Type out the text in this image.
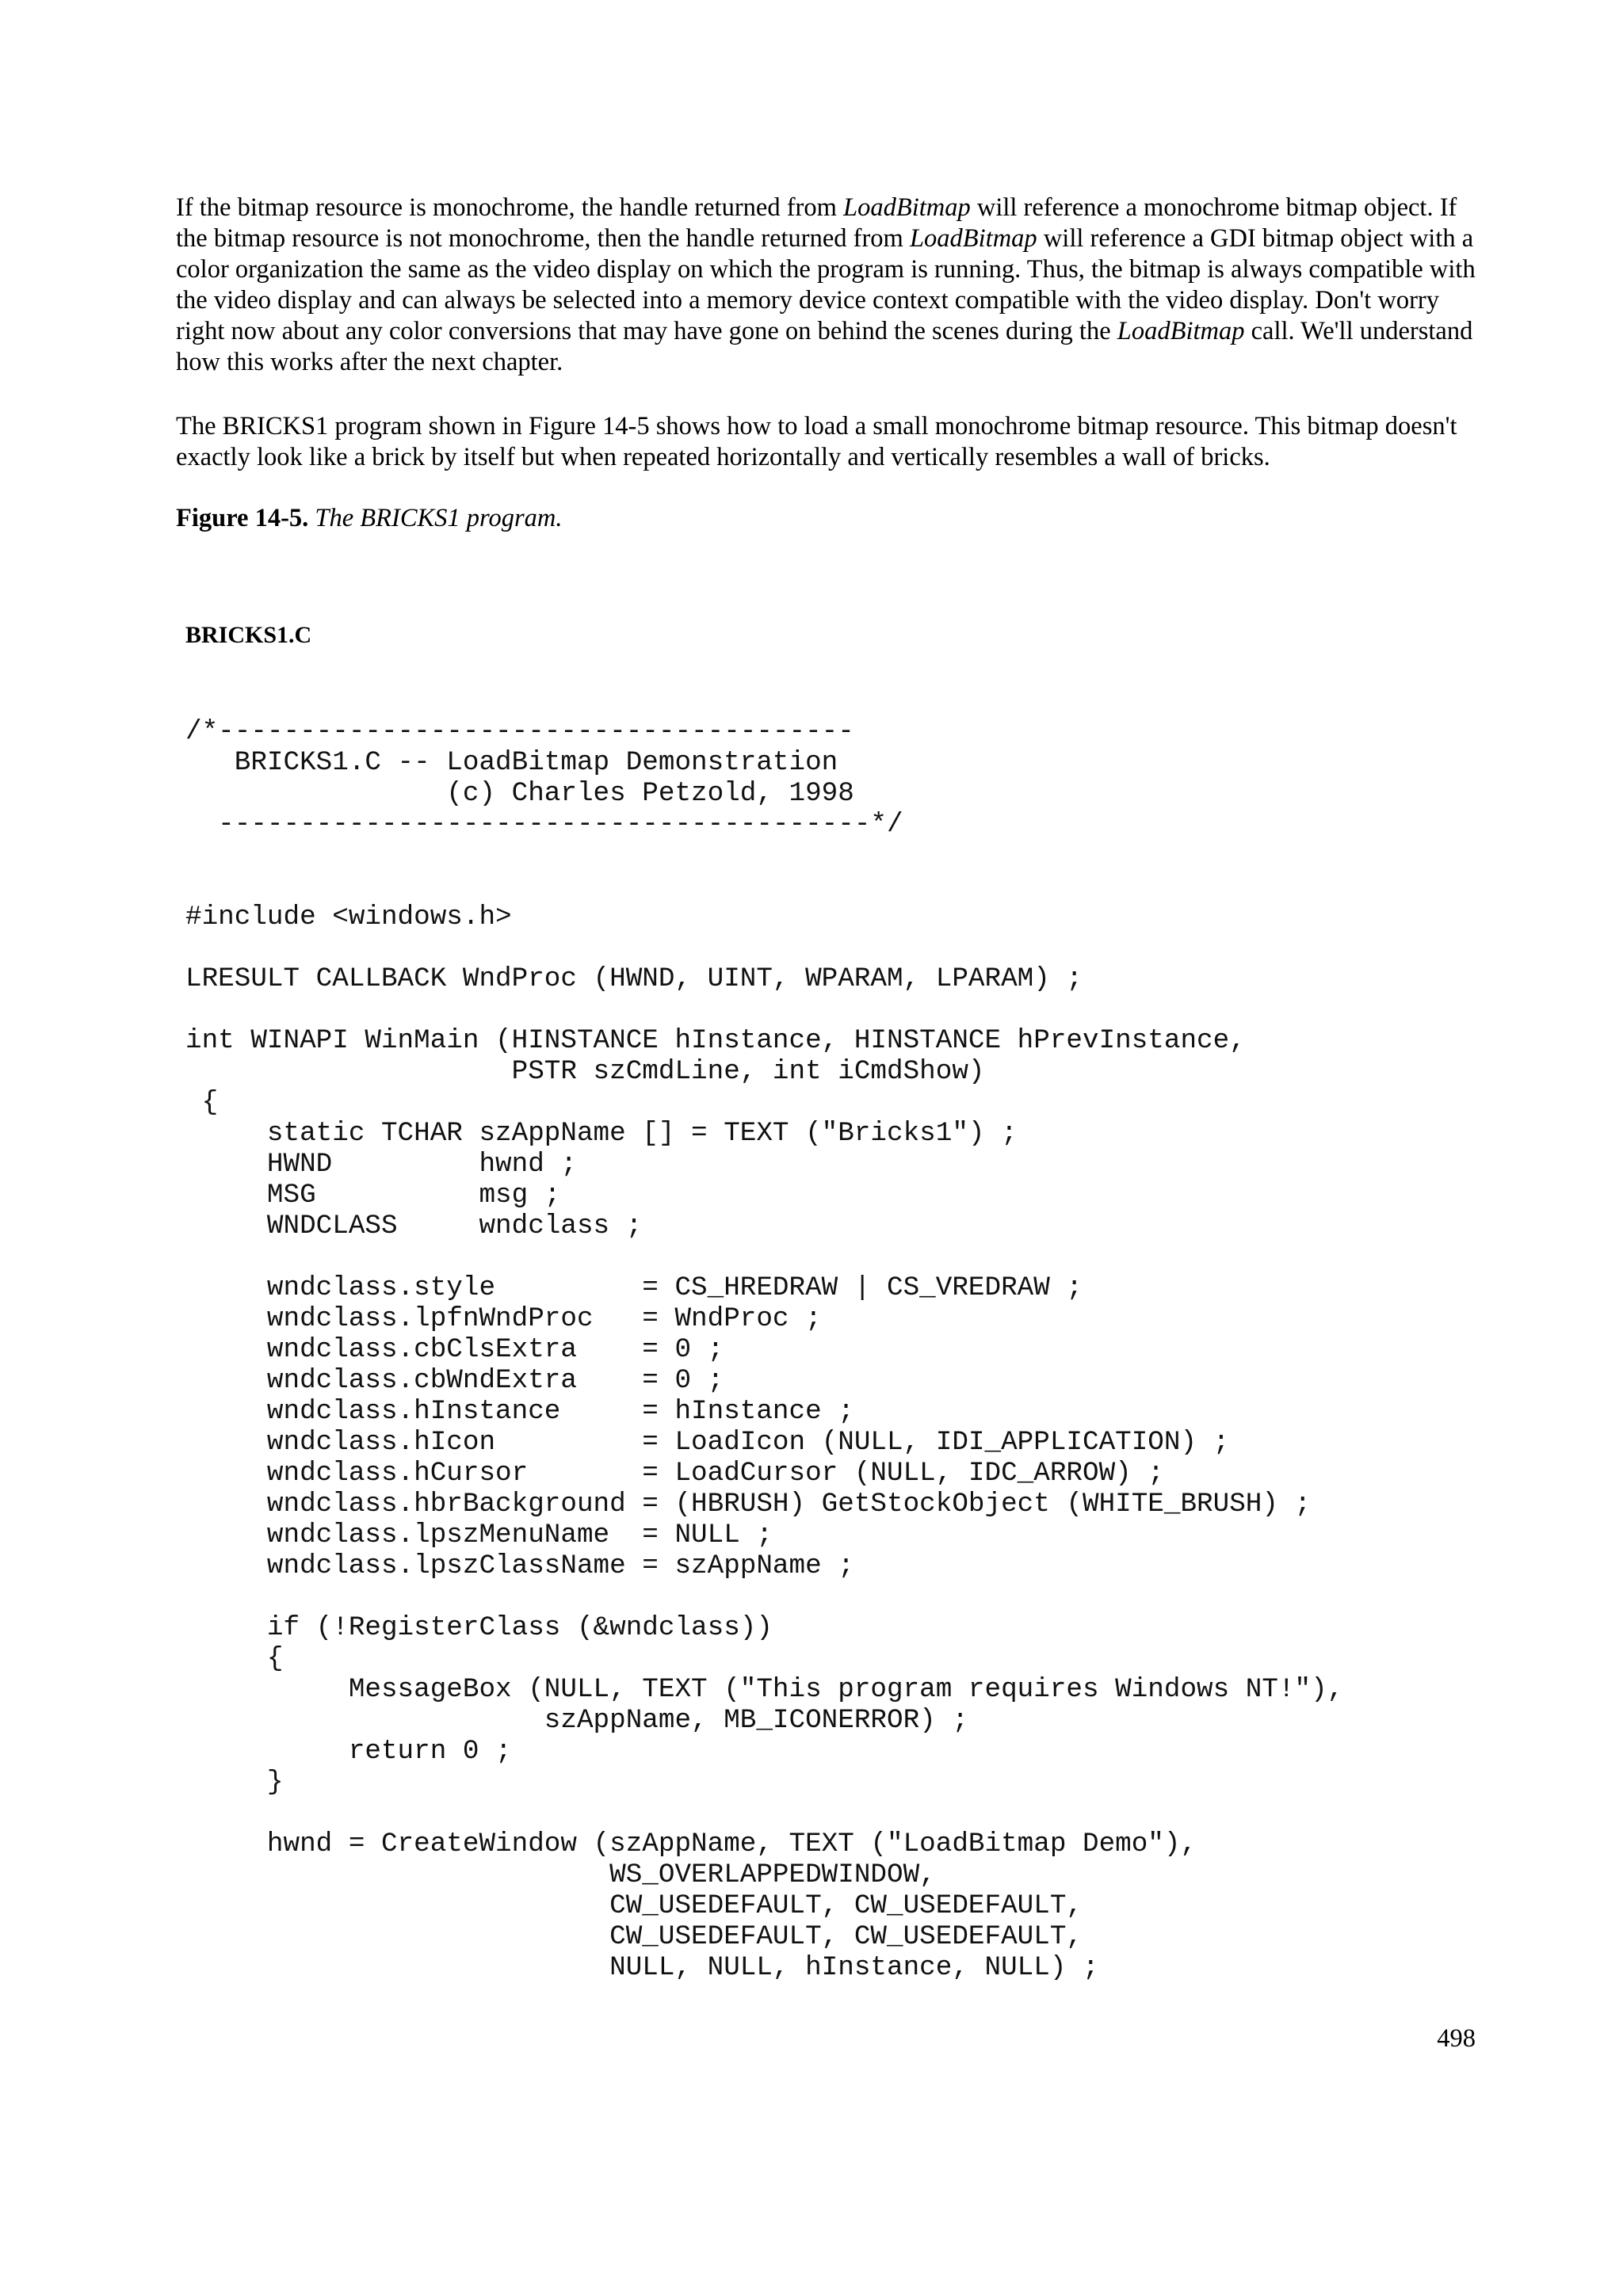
If the bitmap resource is monochrome, the handle returned from LoadBitmap will reference a monochrome bitmap object. If the bitmap resource is not monochrome, then the handle returned from LoadBitmap will reference a GDI bitmap object with a color organization the same as the video display on which the program is running. Thus, the bitmap is always compatible with the video display and can always be selected into a memory device context compatible with the video display. Don't worry right now about any color conversions that may have gone on behind the scenes during the LoadBitmap call. We'll understand how this works after the next chapter.

The BRICKS1 program shown in Figure 14-5 shows how to load a small monochrome bitmap resource. This bitmap doesn't exactly look like a brick by itself but when repeated horizontally and vertically resembles a wall of bricks.

Figure 14-5. The BRICKS1 program.

BRICKS1.C

/*---------------------------------------
BRICKS1.C -- LoadBitmap Demonstration
(c) Charles Petzold, 1998
----------------------------------------*/
#include <windows.h>
LRESULT CALLBACK WndProc (HWND, UINT, WPARAM, LPARAM) ;
int WINAPI WinMain (HINSTANCE hInstance, HINSTANCE hPrevInstance,
PSTR szCmdLine, int iCmdShow)
{
static TCHAR szAppName [] = TEXT ("Bricks1") ;
HWND         hwnd ;
MSG          msg ;
WNDCLASS     wndclass ;
wndclass.style         = CS_HREDRAW | CS_VREDRAW ;
wndclass.lpfnWndProc   = WndProc ;
wndclass.cbClsExtra    = 0 ;
wndclass.cbWndExtra    = 0 ;
wndclass.hInstance     = hInstance ;
wndclass.hIcon         = LoadIcon (NULL, IDI_APPLICATION) ;
wndclass.hCursor       = LoadCursor (NULL, IDC_ARROW) ;
wndclass.hbrBackground = (HBRUSH) GetStockObject (WHITE_BRUSH) ;
wndclass.lpszMenuName  = NULL ;
wndclass.lpszClassName = szAppName ;
if (!RegisterClass (&wndclass))
{
MessageBox (NULL, TEXT ("This program requires Windows NT!"),
szAppName, MB_ICONERROR) ;
return 0 ;
}
hwnd = CreateWindow (szAppName, TEXT ("LoadBitmap Demo"),
WS_OVERLAPPEDWINDOW,
CW_USEDEFAULT, CW_USEDEFAULT,
CW_USEDEFAULT, CW_USEDEFAULT,
NULL, NULL, hInstance, NULL) ;

498
